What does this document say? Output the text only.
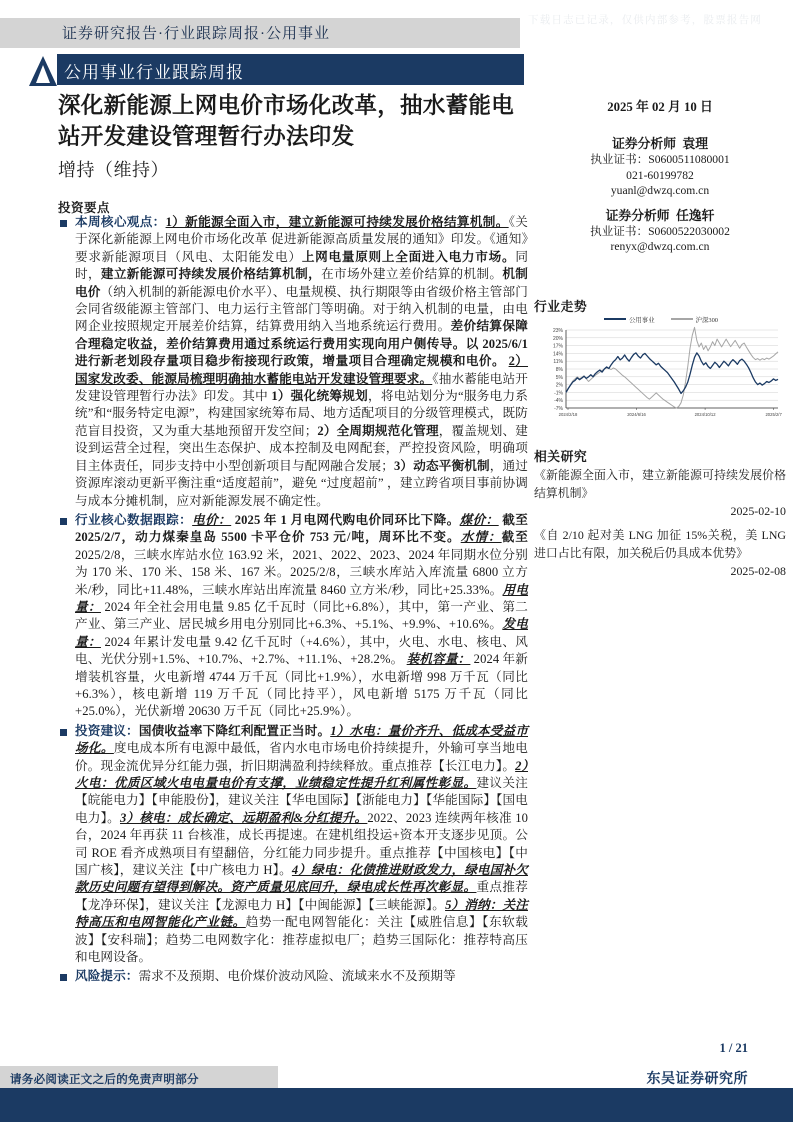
下载日志已记录，仅供内部参考，股票报告网
证券研究报告·行业跟踪周报·公用事业
公用事业行业跟踪周报
深化新能源上网电价市场化改革，抽水蓄能电站开发建设管理暂行办法印发
增持（维持）
投资要点

本周核心观点：1）新能源全面入市，建立新能源可持续发展价格结算机制。《关于深化新能源上网电价市场化改革 促进新能源高质量发展的通知》印发。《通知》要求新能源项目（风电、太阳能发电）上网电量原则上全面进入电力市场。同时，建立新能源可持续发展价格结算机制，在市场外建立差价结算的机制。机制电价（纳入机制的新能源电价水平）、电量规模、执行期限等由省级价格主管部门会同省级能源主管部门、电力运行主管部门等明确。对于纳入机制的电量，由电网企业按照规定开展差价结算，结算费用纳入当地系统运行费用。差价结算保障合理稳定收益，差价结算费用通过系统运行费用实现向用户侧传导。以 2025/6/1 进行新老划段存量项目稳步衔接现行政策，增量项目合理确定规模和电价。 2）国家发改委、能源局梳理明确抽水蓄能电站开发建设管理要求。《抽水蓄能电站开发建设管理暂行办法》印发。其中 1）强化统筹规划，将电站划分为“服务电力系统”和“服务特定电源”，构建国家统筹布局、地方适配项目的分级管理模式，既防范盲目投资，又为重大基地预留开发空间；2）全周期规范化管理，覆盖规划、建设到运营全过程，突出生态保护、成本控制及电网配套，严控投资风险，明确项目主体责任，同步支持中小型创新项目与配网融合发展；3）动态平衡机制，通过资源库滚动更新平衡注重“适度超前”，避免 “过度超前” ，建立跨省项目事前协调与成本分摊机制，应对新能源发展不确定性。

行业核心数据跟踪：电价： 2025 年 1 月电网代购电价同环比下降。煤价： 截至 2025/2/7，动力煤秦皇岛 5500 卡平仓价 753 元/吨，周环比不变。水情：截至 2025/2/8，三峡水库站水位 163.92 米，2021、2022、2023、2024 年同期水位分别为 170 米、170 米、158 米、167 米。2025/2/8，三峡水库站入库流量 6800 立方米/秒，同比+11.48%，三峡水库站出库流量 8460 立方米/秒，同比+25.33%。用电量： 2024 年全社会用电量 9.85 亿千瓦时（同比+6.8%），其中，第一产业、第二产业、第三产业、居民城乡用电分别同比+6.3%、+5.1%、+9.9%、+10.6%。发电量： 2024 年累计发电量 9.42 亿千瓦时（+4.6%），其中，火电、水电、核电、风电、光伏分别+1.5%、+10.7%、+2.7%、+11.1%、+28.2%。 装机容量： 2024 年新增装机容量，火电新增 4744 万千瓦（同比+1.9%），水电新增 998 万千瓦（同比+6.3%），核电新增 119 万千瓦（同比持平），风电新增 5175 万千瓦（同比+25.0%），光伏新增 20630 万千瓦（同比+25.9%）。

投资建议：国债收益率下降红利配置正当时。1）水电：量价齐升、低成本受益市场化。度电成本所有电源中最低，省内水电市场电价持续提升，外输可享当地电价。现金流优异分红能力强，折旧期满盈利持续释放。重点推荐【长江电力】。2）火电：优质区域火电电量电价有支撑，业绩稳定性提升红利属性彰显。建议关注【皖能电力】【申能股份】，建议关注【华电国际】【浙能电力】【华能国际】【国电电力】。3）核电：成长确定、远期盈利&分红提升。2022、2023 连续两年核准 10 台，2024 年再获 11 台核准，成长再提速。在建机组投运+资本开支逐步见顶。公司 ROE 看齐成熟项目有望翻倍，分红能力同步提升。重点推荐【中国核电】【中国广核】，建议关注【中广核电力 H】。4）绿电：化债推进财政发力，绿电国补欠款历史问题有望得到解决。资产质量见底回升，绿电成长性再次彰显。重点推荐【龙净环保】，建议关注【龙源电力 H】【中闽能源】【三峡能源】。5）消纳：关注特高压和电网智能化产业链。趋势一配电网智能化：关注【威胜信息】【东软载波】【安科瑞】；趋势二电网数字化：推荐虚拟电厂；趋势三国际化：推荐特高压和电网设备。

风险提示：需求不及预期、电价煤价波动风险、流域来水不及预期等

2025 年 02 月 10 日
证券分析师 袁理
执业证书：S0600511080001
021-60199782
yuanl@dwzq.com.cn
证券分析师 任逸轩
执业证书：S0600522030002
renyx@dwzq.com.cn
行业走势
公用事业	沪深300
23%
20%
17%
14%
11%
8%
5%
2%
-1%
-4%
-7%
2024/2/18	2024/6/16	2024/10/12	2025/2/7
相关研究
《新能源全面入市，建立新能源可持续发展价格结算机制》
2025-02-10
《自 2/10 起对美 LNG 加征 15%关税，美 LNG 进口占比有限，加关税后仍具成本优势》
2025-02-08
1 / 21
东吴证券研究所
请务必阅读正文之后的免责声明部分
